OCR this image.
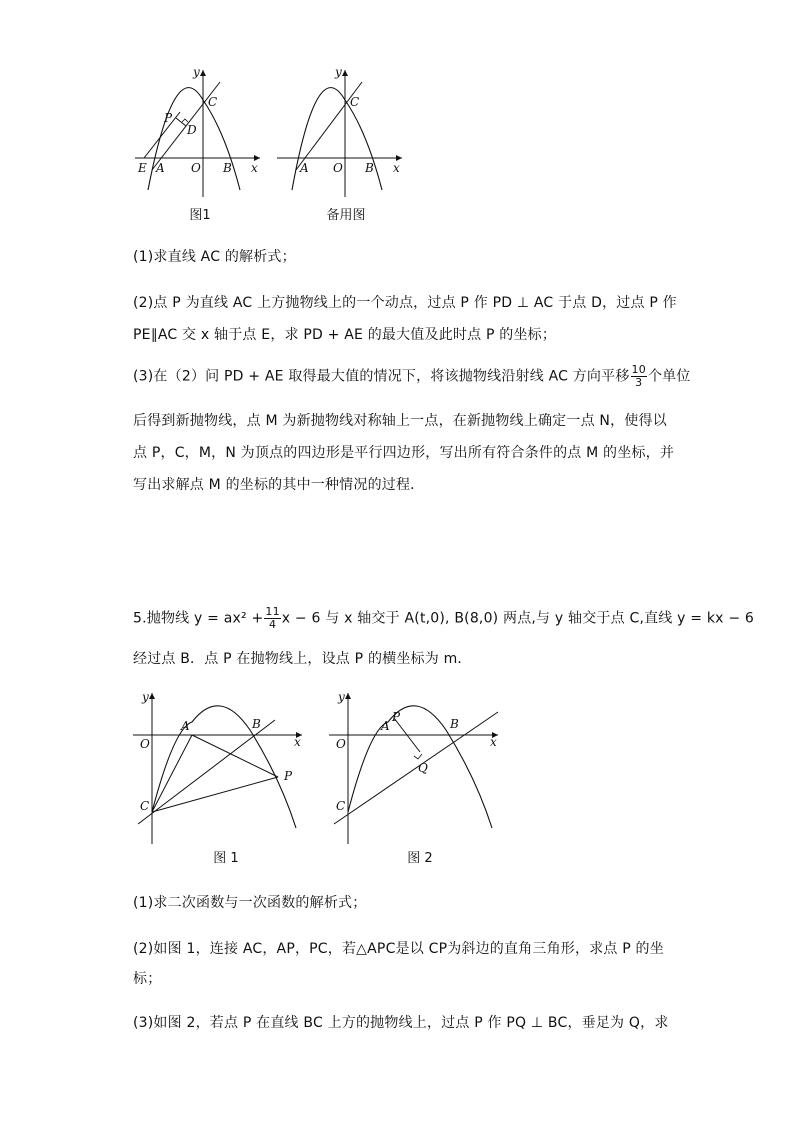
y
C
P
D
E A O B x
图1
y
C
A O B x
备用图
(1)求直线 AC 的解析式；
(2)点 P 为直线 AC 上方抛物线上的一个动点，过点 P 作 PD ⊥ AC 于点 D，过点 P 作
PE∥AC 交 x 轴于点 E，求 PD + AE 的最大值及此时点 P 的坐标；
(3)在（2）问 PD + AE 取得最大值的情况下，将该抛物线沿射线 AC 方向平移 $\frac{10}{3}$ 个单位
后得到新抛物线，点 M 为新抛物线对称轴上一点，在新抛物线上确定一点 N，使得以
点 P，C，M，N 为顶点的四边形是平行四边形，写出所有符合条件的点 M 的坐标，并
写出求解点 M 的坐标的其中一种情况的过程．
5.抛物线 $y = ax^2 + \frac{11}{4}$ x − 6 与 x 轴交于 A(t,0), B(8,0) 两点,与 y 轴交于点 C,直线 y = kx − 6
经过点 B．点 P 在抛物线上，设点 P 的横坐标为 m．
y
O
A	B
x
P
C
图 1
y
O
A
P	B
x
Q
C
图 2
(1)求二次函数与一次函数的解析式；
(2)如图 1，连接 AC，AP，PC，若△APC是以 CP为斜边的直角三角形，求点 P 的坐
标；
(3)如图 2，若点 P 在直线 BC 上方的抛物线上，过点 P 作 PQ ⊥ BC，垂足为 Q，求
